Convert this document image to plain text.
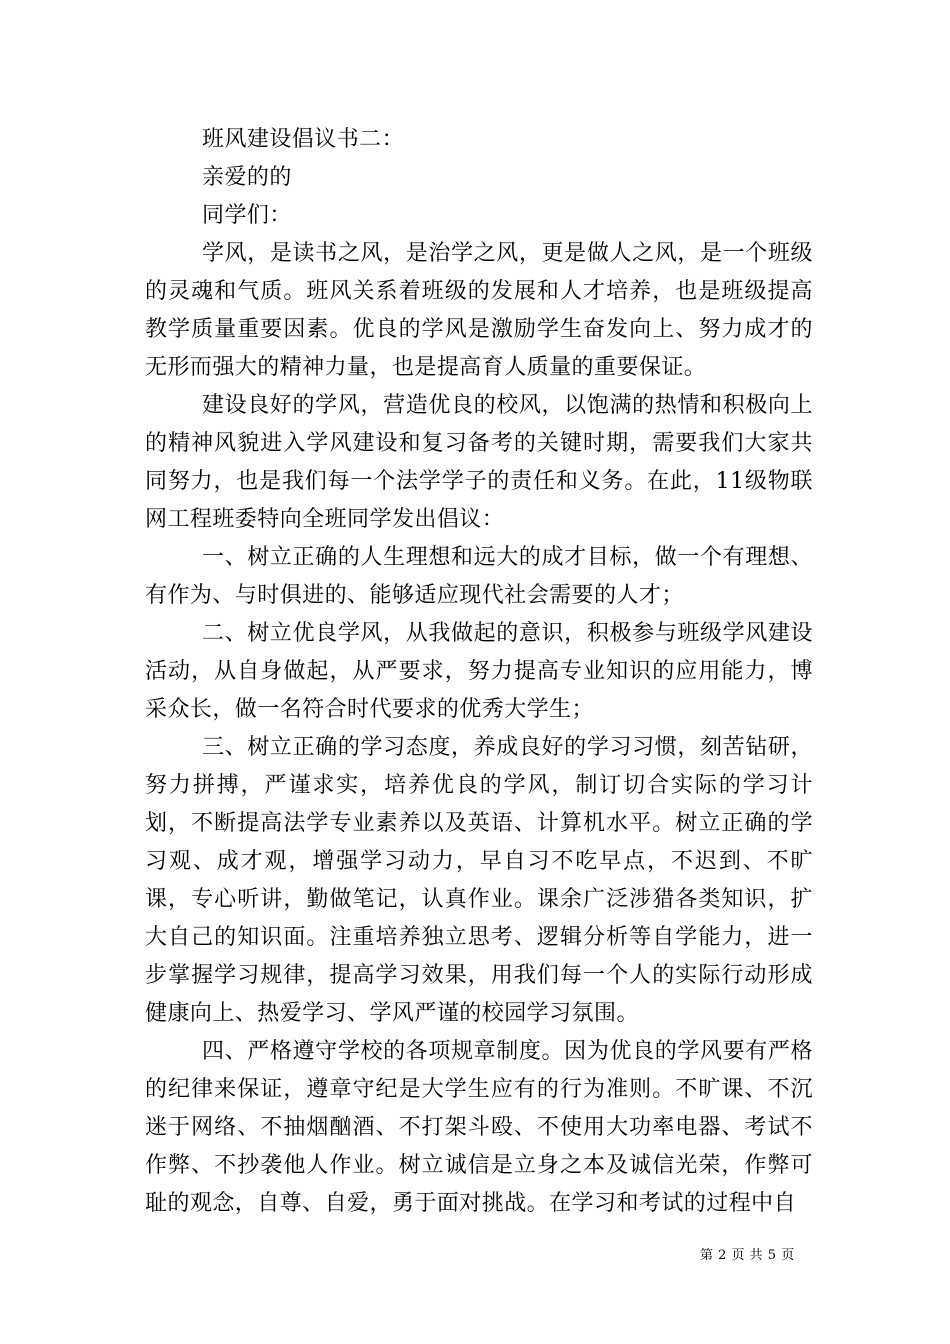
班风建设倡议书二：

亲爱的的

同学们：

学风，是读书之风，是治学之风，更是做人之风，是一个班级的灵魂和气质。班风关系着班级的发展和人才培养，也是班级提高教学质量重要因素。优良的学风是激励学生奋发向上、努力成才的无形而强大的精神力量，也是提高育人质量的重要保证。

建设良好的学风，营造优良的校风，以饱满的热情和积极向上的精神风貌进入学风建设和复习备考的关键时期，需要我们大家共同努力，也是我们每一个法学学子的责任和义务。在此，11级物联网工程班委特向全班同学发出倡议：

一、树立正确的人生理想和远大的成才目标，做一个有理想、有作为、与时俱进的、能够适应现代社会需要的人才；

二、树立优良学风，从我做起的意识，积极参与班级学风建设活动，从自身做起，从严要求，努力提高专业知识的应用能力，博采众长，做一名符合时代要求的优秀大学生；

三、树立正确的学习态度，养成良好的学习习惯，刻苦钻研，努力拼搏，严谨求实，培养优良的学风，制订切合实际的学习计划，不断提高法学专业素养以及英语、计算机水平。树立正确的学习观、成才观，增强学习动力，早自习不吃早点，不迟到、不旷课，专心听讲，勤做笔记，认真作业。课余广泛涉猎各类知识，扩大自己的知识面。注重培养独立思考、逻辑分析等自学能力，进一步掌握学习规律，提高学习效果，用我们每一个人的实际行动形成健康向上、热爱学习、学风严谨的校园学习氛围。

四、严格遵守学校的各项规章制度。因为优良的学风要有严格的纪律来保证，遵章守纪是大学生应有的行为准则。不旷课、不沉迷于网络、不抽烟酗酒、不打架斗殴、不使用大功率电器、考试不作弊、不抄袭他人作业。树立诚信是立身之本及诚信光荣，作弊可耻的观念，自尊、自爱，勇于面对挑战。在学习和考试的过程中自

第 2 页 共 5 页
